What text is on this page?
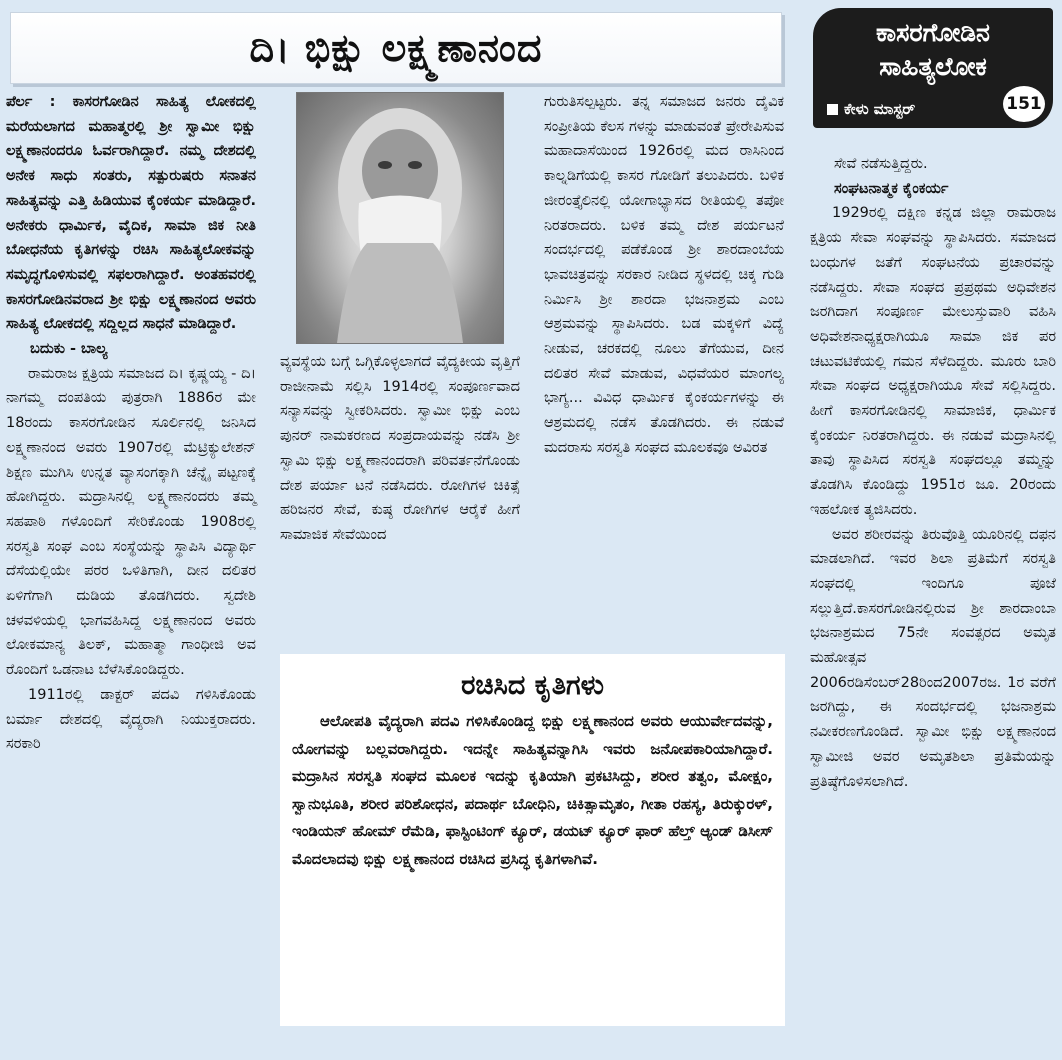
ದಿ। ಭಿಕ್ಷು ಲಕ್ಷ್ಮಣಾನಂದ	ಕಾಸರಗೋಡಿನ
ಸಾಹಿತ್ಯಲೋಕ
ಕೇಳು ಮಾಸ್ಟರ್	151

ಪೆರ್ಲ : ಕಾಸರಗೋಡಿನ ಸಾಹಿತ್ಯ ಲೋಕದಲ್ಲಿ ಮರೆಯಲಾಗದ ಮಹಾತ್ಮರಲ್ಲಿ ಶ್ರೀ ಸ್ವಾಮೀ ಭಿಕ್ಷು ಲಕ್ಷ್ಮಣಾನಂದರೂ ಓರ್ವರಾಗಿದ್ದಾರೆ. ನಮ್ಮ ದೇಶದಲ್ಲಿ ಅನೇಕ ಸಾಧು ಸಂತರು, ಸತ್ಪುರುಷರು ಸನಾತನ ಸಾಹಿತ್ಯವನ್ನು ಎತ್ತಿ ಹಿಡಿಯುವ ಕೈಂಕರ್ಯ ಮಾಡಿದ್ದಾರೆ. ಅನೇಕರು ಧಾರ್ಮಿಕ, ವೈದಿಕ, ಸಾಮಾ ಜಿಕ ನೀತಿ ಬೋಧನೆಯ ಕೃತಿಗಳನ್ನು ರಚಿಸಿ ಸಾಹಿತ್ಯಲೋಕವನ್ನು ಸಮೃದ್ಧಗೊಳಿಸುವಲ್ಲಿ ಸಫಲರಾಗಿದ್ದಾರೆ. ಅಂತಹವರಲ್ಲಿ ಕಾಸರಗೋಡಿನವರಾದ ಶ್ರೀ ಭಿಕ್ಷು ಲಕ್ಷ್ಮಣಾನಂದ ಅವರು ಸಾಹಿತ್ಯ ಲೋಕದಲ್ಲಿ ಸದ್ದಿಲ್ಲದ ಸಾಧನೆ ಮಾಡಿದ್ದಾರೆ.

ಬದುಕು - ಬಾಲ್ಯ

ರಾಮರಾಜ ಕ್ಷತ್ರಿಯ ಸಮಾಜದ ದಿ। ಕೃಷ್ಣಯ್ಯ - ದಿ। ನಾಗಮ್ಮ ದಂಪತಿಯ ಪುತ್ರರಾಗಿ 1886ರ ಮೇ 18ರಂದು ಕಾಸರಗೋಡಿನ ಸೂರ್ಲಿನಲ್ಲಿ ಜನಿಸಿದ ಲಕ್ಷ್ಮಣಾನಂದ ಅವರು 1907ರಲ್ಲಿ ಮೆಟ್ರಿಕ್ಯುಲೇಶನ್ ಶಿಕ್ಷಣ ಮುಗಿಸಿ ಉನ್ನತ ವ್ಯಾಸಂಗಕ್ಕಾಗಿ ಚೆನ್ನೈ ಪಟ್ಟಣಕ್ಕೆ ಹೋಗಿದ್ದರು. ಮದ್ರಾಸಿನಲ್ಲಿ ಲಕ್ಷ್ಮಣಾನಂದರು ತಮ್ಮ ಸಹಪಾಠಿ ಗಳೊಂದಿಗೆ ಸೇರಿಕೊಂಡು 1908ರಲ್ಲಿ ಸರಸ್ವತಿ ಸಂಘ ಎಂಬ ಸಂಸ್ಥೆಯನ್ನು ಸ್ಥಾಪಿಸಿ ವಿದ್ಯಾರ್ಥಿ ದೆಸೆಯಲ್ಲಿಯೇ ಪರರ ಒಳಿತಿಗಾಗಿ, ದೀನ ದಲಿತರ ಏಳಿಗೆಗಾಗಿ ದುಡಿಯ ತೊಡಗಿದರು. ಸ್ವದೇಶಿ ಚಳವಳಿಯಲ್ಲಿ ಭಾಗವಹಿಸಿದ್ದ ಲಕ್ಷ್ಮಣಾನಂದ ಅವರು ಲೋಕಮಾನ್ಯ ತಿಲಕ್, ಮಹಾತ್ಮಾ ಗಾಂಧೀಜಿ ಅವ ರೊಂದಿಗೆ ಒಡನಾಟ ಬೆಳೆಸಿಕೊಂಡಿದ್ದರು.

1911ರಲ್ಲಿ ಡಾಕ್ಟರ್ ಪದವಿ ಗಳಿಸಿಕೊಂಡು ಬರ್ಮಾ ದೇಶದಲ್ಲಿ ವೈದ್ಯರಾಗಿ ನಿಯುಕ್ತರಾದರು. ಸರಕಾರಿ

ವ್ಯವಸ್ಥೆಯ ಬಗ್ಗೆ ಒಗ್ಗಿಕೊಳ್ಳಲಾಗದೆ ವೈದ್ಯಕೀಯ ವೃತ್ತಿಗೆ ರಾಜೀನಾಮೆ ಸಲ್ಲಿಸಿ 1914ರಲ್ಲಿ ಸಂಪೂರ್ಣವಾದ ಸನ್ಯಾಸವನ್ನು ಸ್ವೀಕರಿಸಿದರು. ಸ್ವಾಮೀ ಭಿಕ್ಷು ಎಂಬ ಪುನರ್ ನಾಮಕರಣದ ಸಂಪ್ರದಾಯವನ್ನು ನಡೆಸಿ ಶ್ರೀ ಸ್ವಾಮಿ ಭಿಕ್ಷು ಲಕ್ಷ್ಮಣಾನಂದರಾಗಿ ಪರಿವರ್ತನೆಗೊಂಡು ದೇಶ ಪರ್ಯಾ ಟನೆ ನಡೆಸಿದರು. ರೋಗಿಗಳ ಚಿಕಿತ್ಸೆ ಹರಿಜನರ ಸೇವೆ, ಕುಷ್ಠ ರೋಗಿಗಳ ಆರೈಕೆ ಹೀಗೆ ಸಾಮಾಜಿಕ ಸೇವೆಯಿಂದ

ಗುರುತಿಸಲ್ಪಟ್ಟರು. ತನ್ನ ಸಮಾಜದ ಜನರು ದೈವಿಕ ಸಂಪ್ರೀತಿಯ ಕೆಲಸ ಗಳನ್ನು ಮಾಡುವಂತೆ ಪ್ರೇರೇಪಿಸುವ ಮಹಾದಾಸೆಯಿಂದ 1926ರಲ್ಲಿ ಮದ ರಾಸಿನಿಂದ ಕಾಲ್ನಡಿಗೆಯಲ್ಲಿ ಕಾಸರ ಗೋಡಿಗೆ ತಲುಪಿದರು. ಬಳಿಕ ಜೀರಂತ್ತೈಲಿನಲ್ಲಿ ಯೋಗಾಭ್ಯಾಸದ ರೀತಿಯಲ್ಲಿ ತಪೋ ನಿರತರಾದರು. ಬಳಿಕ ತಮ್ಮ ದೇಶ ಪರ್ಯಟನೆ ಸಂದರ್ಭದಲ್ಲಿ ಪಡೆಕೊಂಡ ಶ್ರೀ ಶಾರದಾಂಬೆಯ ಭಾವಚಿತ್ರವನ್ನು ಸರಕಾರ ನೀಡಿದ ಸ್ಥಳದಲ್ಲಿ ಚಿಕ್ಕ ಗುಡಿ ನಿರ್ಮಿಸಿ ಶ್ರೀ ಶಾರದಾ ಭಜನಾಶ್ರಮ ಎಂಬ ಆಶ್ರಮವನ್ನು ಸ್ಥಾಪಿಸಿದರು. ಬಡ ಮಕ್ಕಳಿಗೆ ವಿದ್ಯೆ ನೀಡುವ, ಚರಕದಲ್ಲಿ ನೂಲು ತೆಗೆಯುವ, ದೀನ ದಲಿತರ ಸೇವೆ ಮಾಡುವ, ವಿಧವೆಯರ ಮಾಂಗಲ್ಯ ಭಾಗ್ಯ... ವಿವಿಧ ಧಾರ್ಮಿಕ ಕೈಂಕರ್ಯಗಳನ್ನು ಈ ಆಶ್ರಮದಲ್ಲಿ ನಡೆಸ ತೊಡಗಿದರು. ಈ ನಡುವೆ ಮದರಾಸು ಸರಸ್ವತಿ ಸಂಘದ ಮೂಲಕವೂ ಅವಿರತ

ಸೇವೆ ನಡೆಸುತ್ತಿದ್ದರು.

ಸಂಘಟನಾತ್ಮಕ ಕೈಂಕರ್ಯ

1929ರಲ್ಲಿ ದಕ್ಷಿಣ ಕನ್ನಡ ಜಿಲ್ಲಾ ರಾಮರಾಜ ಕ್ಷತ್ರಿಯ ಸೇವಾ ಸಂಘವನ್ನು ಸ್ಥಾಪಿಸಿದರು. ಸಮಾಜದ ಬಂಧುಗಳ ಜತೆಗೆ ಸಂಘಟನೆಯ ಪ್ರಚಾರವನ್ನು ನಡೆಸಿದ್ದರು. ಸೇವಾ ಸಂಘದ ಪ್ರಪ್ರಥಮ ಅಧಿವೇಶನ ಜರಗಿದಾಗ ಸಂಪೂರ್ಣ ಮೇಲುಸ್ತುವಾರಿ ವಹಿಸಿ ಅಧಿವೇಶನಾಧ್ಯಕ್ಷರಾಗಿಯೂ ಸಾಮಾ ಜಿಕ ಪರ ಚಟುವಟಿಕೆಯಲ್ಲಿ ಗಮನ ಸೆಳೆದಿದ್ದರು. ಮೂರು ಬಾರಿ ಸೇವಾ ಸಂಘದ ಅಧ್ಯಕ್ಷರಾಗಿಯೂ ಸೇವೆ ಸಲ್ಲಿಸಿದ್ದರು. ಹೀಗೆ ಕಾಸರಗೋಡಿನಲ್ಲಿ ಸಾಮಾಜಿಕ, ಧಾರ್ಮಿಕ ಕೈಂಕರ್ಯ ನಿರತರಾಗಿದ್ದರು. ಈ ನಡುವೆ ಮದ್ರಾಸಿನಲ್ಲಿ ತಾವು ಸ್ಥಾಪಿಸಿದ ಸರಸ್ವತಿ ಸಂಘದಲ್ಲೂ ತಮ್ಮನ್ನು ತೊಡಗಿಸಿ ಕೊಂಡಿದ್ದು 1951ರ ಜೂ. 20ರಂದು ಇಹಲೋಕ ತ್ಯಜಿಸಿದರು.

ಅವರ ಶರೀರವನ್ನು ತಿರುವೊತ್ತಿ ಯೂರಿನಲ್ಲಿ ದಫನ ಮಾಡಲಾಗಿದೆ. ಇವರ ಶಿಲಾ ಪ್ರತಿಮೆಗೆ ಸರಸ್ವತಿ ಸಂಘದಲ್ಲಿ ಇಂದಿಗೂ ಪೂಜೆ ಸಲ್ಲುತ್ತಿದೆ.ಕಾಸರಗೋಡಿನಲ್ಲಿರುವ ಶ್ರೀ ಶಾರದಾಂಬಾ ಭಜನಾಶ್ರಮದ 75ನೇ ಸಂವತ್ಸರದ ಅಮೃತ ಮಹೋತ್ಸವ 2006ರಡಿಸೆಂಬರ್28ರಿಂದ2007ರಜ. 1ರ ವರೆಗೆ ಜರಗಿದ್ದು, ಈ ಸಂದರ್ಭದಲ್ಲಿ ಭಜನಾಶ್ರಮ ನವೀಕರಣಗೊಂಡಿದೆ. ಸ್ವಾಮೀ ಭಿಕ್ಷು ಲಕ್ಷ್ಮಣಾನಂದ ಸ್ವಾಮೀಜಿ ಅವರ ಅಮೃತಶಿಲಾ ಪ್ರತಿಮೆಯನ್ನು ಪ್ರತಿಷ್ಠೆಗೊಳಿಸಲಾಗಿದೆ.

ರಚಿಸಿದ ಕೃತಿಗಳು

ಆಲೋಪತಿ ವೈದ್ಯರಾಗಿ ಪದವಿ ಗಳಿಸಿಕೊಂಡಿದ್ದ ಭಿಕ್ಷು ಲಕ್ಷ್ಮಣಾನಂದ ಅವರು ಆಯುರ್ವೇದವನ್ನು, ಯೋಗವನ್ನು ಬಲ್ಲವರಾಗಿದ್ದರು. ಇದನ್ನೇ ಸಾಹಿತ್ಯವನ್ನಾಗಿಸಿ ಇವರು ಜನೋಪಕಾರಿಯಾಗಿದ್ದಾರೆ. ಮದ್ರಾಸಿನ ಸರಸ್ವತಿ ಸಂಘದ ಮೂಲಕ ಇದನ್ನು ಕೃತಿಯಾಗಿ ಪ್ರಕಟಿಸಿದ್ದು, ಶರೀರ ತತ್ವಂ, ಮೋಕ್ಷಂ, ಸ್ವಾನುಭೂತಿ, ಶರೀರ ಪರಿಶೋಧನ, ಪದಾರ್ಥ ಬೋಧಿನಿ, ಚಿಕಿತ್ಸಾಮೃತಂ, ಗೀತಾ ರಹಸ್ಯ, ತಿರುಕ್ಕುರಳ್, ಇಂಡಿಯನ್ ಹೋಮ್ ರೆಮೆಡಿ, ಫಾಸ್ಟಿಂಟಿಂಗ್ ಕ್ಯೂರ್, ಡಯಟ್ ಕ್ಯೂರ್ ಫಾರ್ ಹೆಲ್ತ್ ಆ್ಯಂಡ್ ಡಿಸೀಸ್ ಮೊದಲಾದವು ಭಿಕ್ಷು ಲಕ್ಷ್ಮಣಾನಂದ ರಚಿಸಿದ ಪ್ರಸಿದ್ಧ ಕೃತಿಗಳಾಗಿವೆ.
